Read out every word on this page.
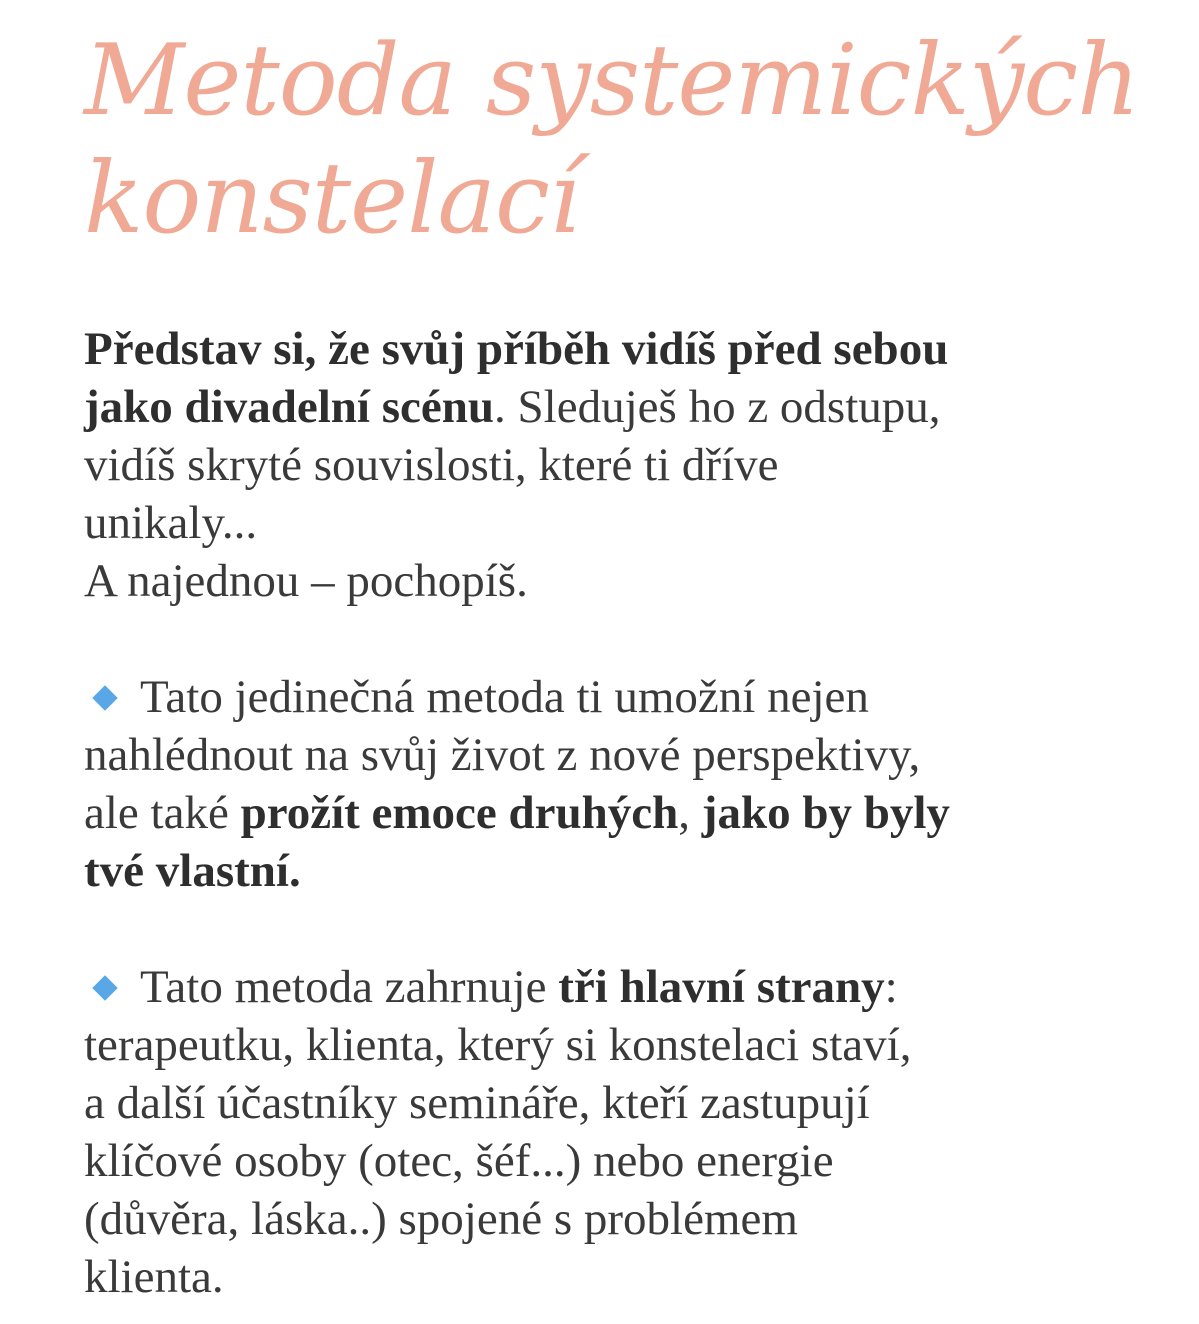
Metoda systemických
konstelací

Představ si, že svůj příběh vidíš před sebou
jako divadelní scénu. Sleduješ ho z odstupu,
vidíš skryté souvislosti, které ti dříve
unikaly...
A najednou – pochopíš.

Tato jedinečná metoda ti umožní nejen
nahlédnout na svůj život z nové perspektivy,
ale také prožít emoce druhých, jako by byly
tvé vlastní.

Tato metoda zahrnuje tři hlavní strany:
terapeutku, klienta, který si konstelaci staví,
a další účastníky semináře, kteří zastupují
klíčové osoby (otec, šéf...) nebo energie
(důvěra, láska..) spojené s problémem
klienta.
